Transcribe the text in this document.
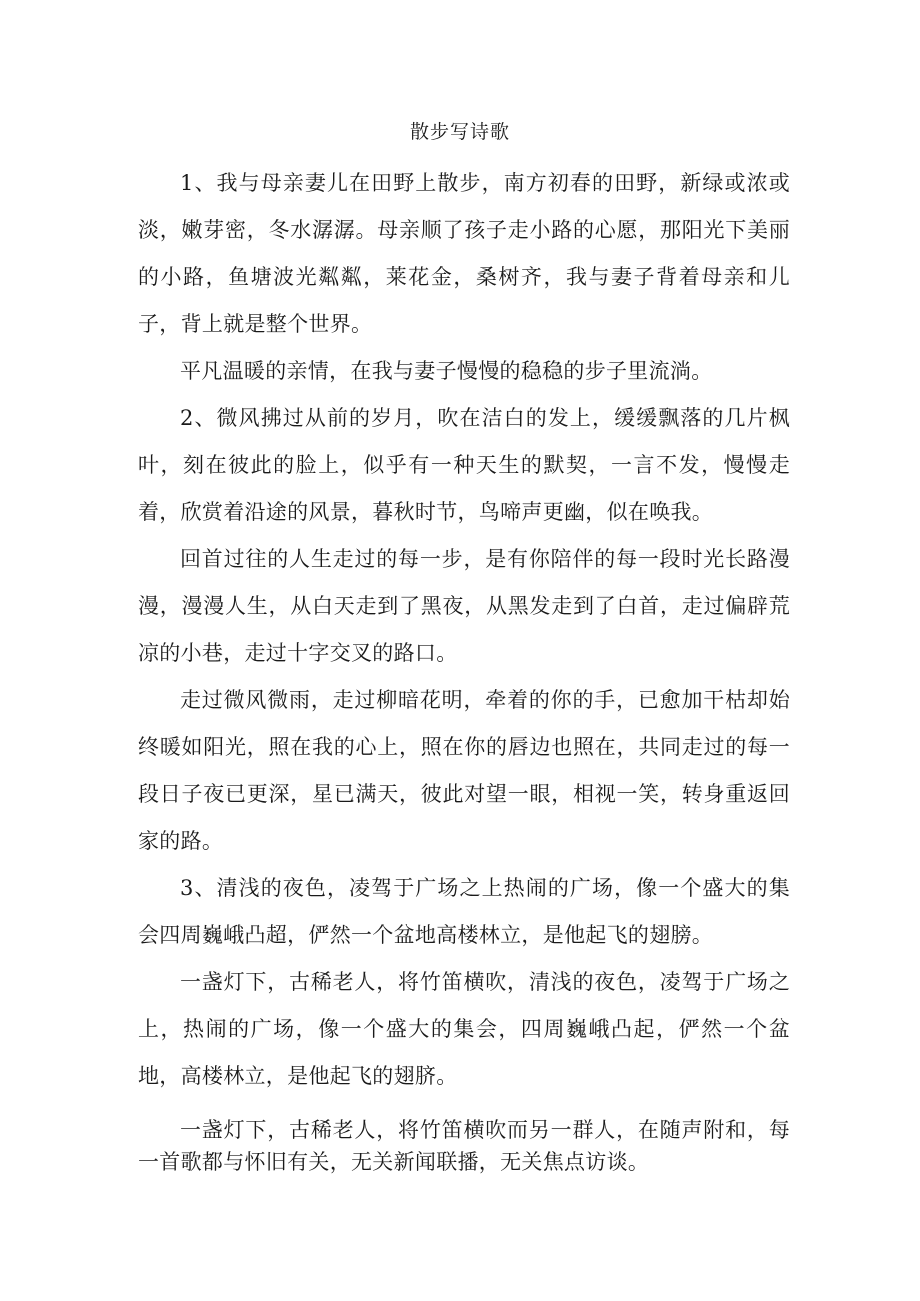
散步写诗歌

1、我与母亲妻儿在田野上散步，南方初春的田野，新绿或浓或淡，嫩芽密，冬水潺潺。母亲顺了孩子走小路的心愿，那阳光下美丽的小路，鱼塘波光粼粼，莱花金，桑树齐，我与妻子背着母亲和儿子，背上就是整个世界。

平凡温暖的亲情，在我与妻子慢慢的稳稳的步子里流淌。

2、微风拂过从前的岁月，吹在洁白的发上，缓缓飘落的几片枫叶，刻在彼此的脸上，似乎有一种天生的默契，一言不发，慢慢走着，欣赏着沿途的风景，暮秋时节，鸟啼声更幽，似在唤我。

回首过往的人生走过的每一步，是有你陪伴的每一段时光长路漫漫，漫漫人生，从白天走到了黑夜，从黑发走到了白首，走过偏辟荒凉的小巷，走过十字交叉的路口。

走过微风微雨，走过柳暗花明，牵着的你的手，已愈加干枯却始终暖如阳光，照在我的心上，照在你的唇边也照在，共同走过的每一段日子夜已更深，星已满天，彼此对望一眼，相视一笑，转身重返回家的路。

3、清浅的夜色，凌驾于广场之上热闹的广场，像一个盛大的集会四周巍峨凸超，俨然一个盆地高楼林立，是他起飞的翅膀。

一盏灯下，古稀老人，将竹笛横吹，清浅的夜色，凌驾于广场之上，热闹的广场，像一个盛大的集会，四周巍峨凸起，俨然一个盆地，高楼林立，是他起飞的翅脐。

一盏灯下，古稀老人，将竹笛横吹而另一群人，在随声附和，每一首歌都与怀旧有关，无关新闻联播，无关焦点访谈。
